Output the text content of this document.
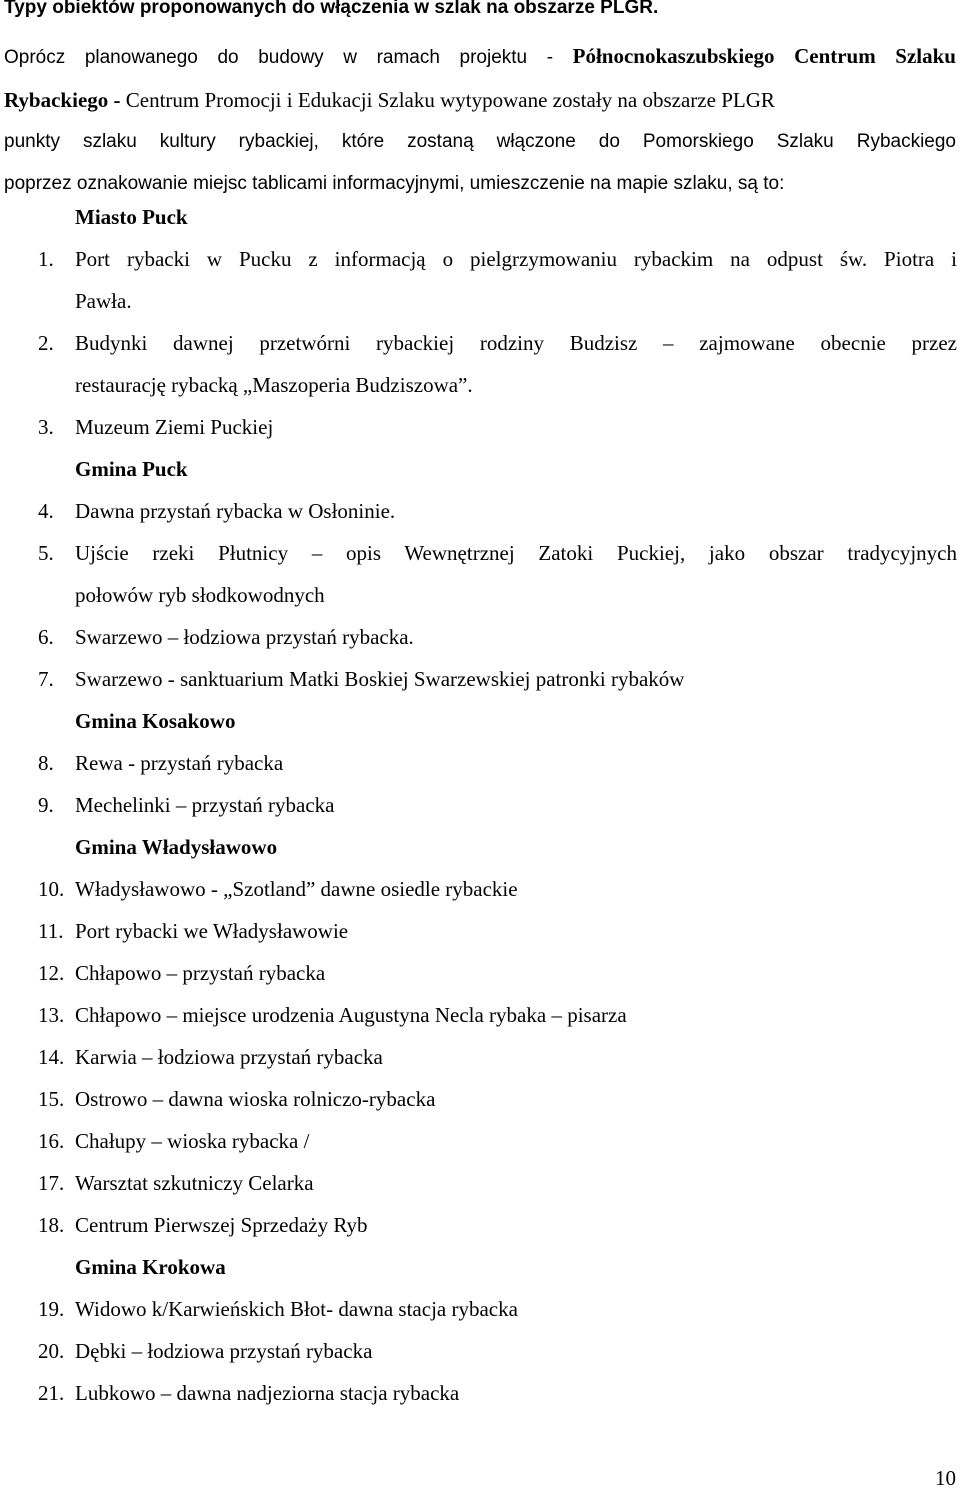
Typy obiektów proponowanych do włączenia w szlak na obszarze PLGR.
Oprócz planowanego do budowy w ramach projektu - Północnokaszubskiego Centrum Szlaku
Rybackiego - Centrum Promocji i Edukacji Szlaku wytypowane zostały na obszarze PLGR
punkty szlaku kultury rybackiej, które zostaną włączone do Pomorskiego Szlaku Rybackiego
poprzez oznakowanie miejsc tablicami informacyjnymi, umieszczenie na mapie szlaku, są to:
Miasto Puck
1. Port rybacki w Pucku z informacją o pielgrzymowaniu rybackim na odpust św. Piotra i
Pawła.
2. Budynki dawnej przetwórni rybackiej rodziny Budzisz – zajmowane obecnie przez
restaurację rybacką „Maszoperia Budziszowa”.
3. Muzeum Ziemi Puckiej
Gmina Puck
4. Dawna przystań rybacka w Osłoninie.
5. Ujście rzeki Płutnicy – opis Wewnętrznej Zatoki Puckiej, jako obszar tradycyjnych
połowów ryb słodkowodnych
6. Swarzewo – łodziowa przystań rybacka.
7. Swarzewo - sanktuarium Matki Boskiej Swarzewskiej patronki rybaków
Gmina Kosakowo
8. Rewa - przystań rybacka
9. Mechelinki – przystań rybacka
Gmina Władysławowo
10. Władysławowo - „Szotland” dawne osiedle rybackie
11. Port rybacki we Władysławowie
12. Chłapowo – przystań rybacka
13. Chłapowo – miejsce urodzenia Augustyna Necla rybaka – pisarza
14. Karwia – łodziowa przystań rybacka
15. Ostrowo – dawna wioska rolniczo-rybacka
16. Chałupy – wioska rybacka /
17. Warsztat szkutniczy Celarka
18. Centrum Pierwszej Sprzedaży Ryb
Gmina Krokowa
19. Widowo k/Karwieńskich Błot- dawna stacja rybacka
20. Dębki – łodziowa przystań rybacka
21. Lubkowo – dawna nadjeziorna stacja rybacka
10
